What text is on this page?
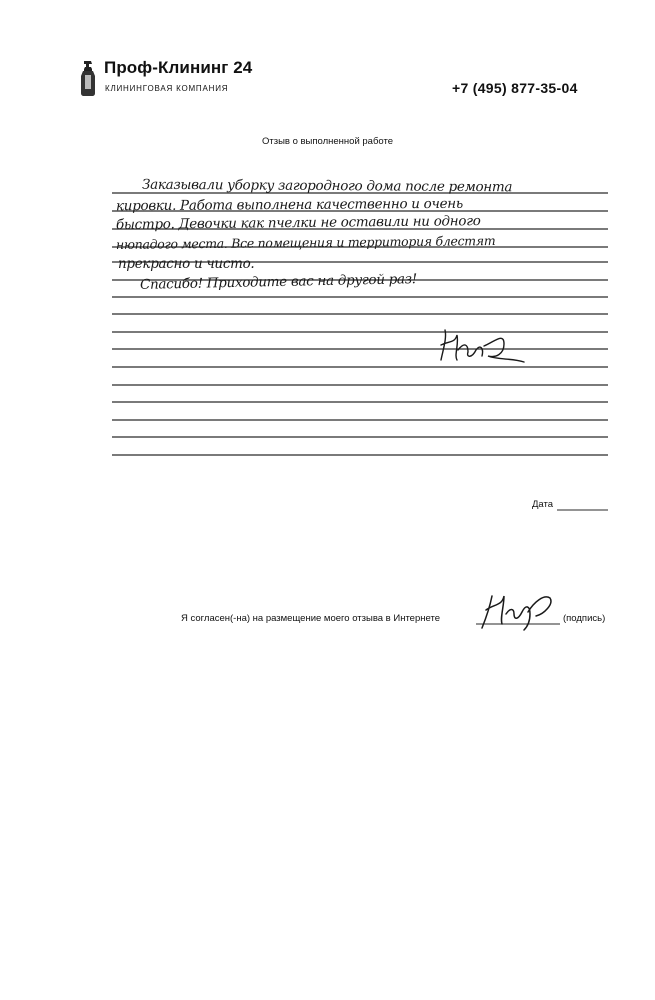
Проф-Клининг 24
КЛИНИНГОВАЯ КОМПАНИЯ	+7 (495) 877-35-04
Отзыв о выполненной работе
Заказывали уборку загородного дома после ремонта
кировки. Работа выполнена качественно и очень
быстро. Девочки как пчелки не оставили ни одного
нюпадого места. Все помещения и территория блестят
прекрасно и чисто.
Спасибо! Приходите вас на другой раз!
Дата
Я согласен(-на) на размещение моего отзыва в Интернете	(подпись)
